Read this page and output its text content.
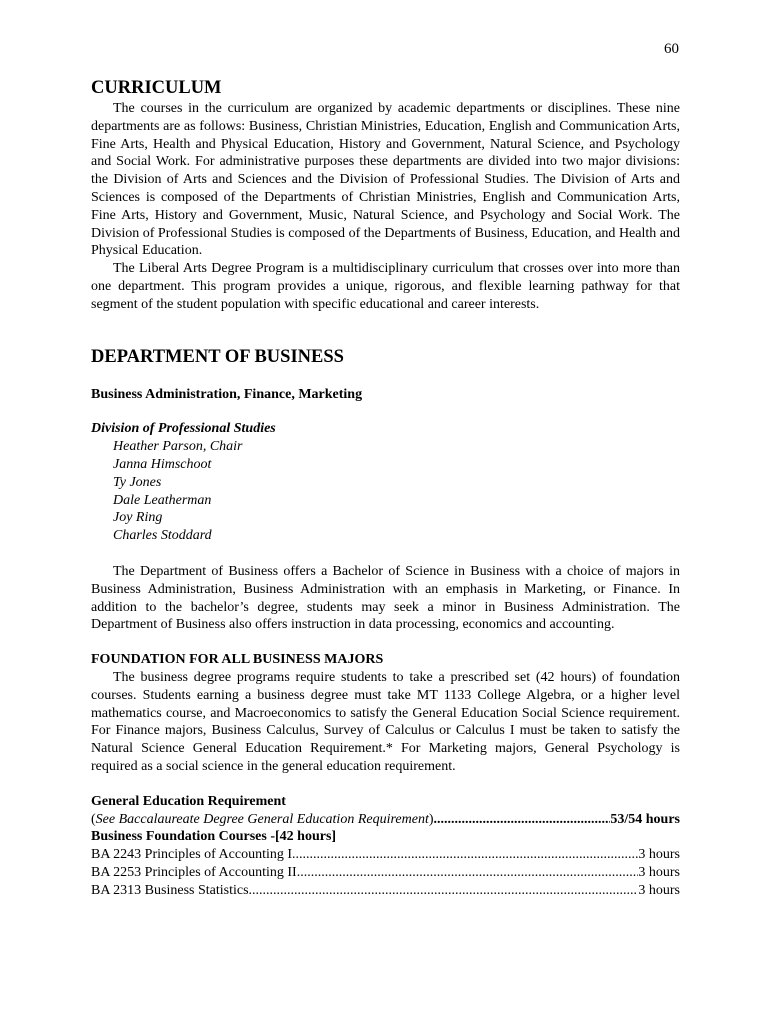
60
CURRICULUM

The courses in the curriculum are organized by academic departments or disciplines. These nine departments are as follows: Business, Christian Ministries, Education, English and Communication Arts, Fine Arts, Health and Physical Education, History and Government, Natural Science, and Psychology and Social Work. For administrative purposes these departments are divided into two major divisions: the Division of Arts and Sciences and the Division of Professional Studies. The Division of Arts and Sciences is composed of the Departments of Christian Ministries, English and Communication Arts, Fine Arts, History and Government, Music, Natural Science, and Psychology and Social Work. The Division of Professional Studies is composed of the Departments of Business, Education, and Health and Physical Education.

The Liberal Arts Degree Program is a multidisciplinary curriculum that crosses over into more than one department. This program provides a unique, rigorous, and flexible learning pathway for that segment of the student population with specific educational and career interests.

DEPARTMENT OF BUSINESS
Business Administration, Finance, Marketing
Division of Professional Studies
Heather Parson, Chair
Janna Himschoot
Ty Jones
Dale Leatherman
Joy Ring
Charles Stoddard

The Department of Business offers a Bachelor of Science in Business with a choice of majors in Business Administration, Business Administration with an emphasis in Marketing, or Finance. In addition to the bachelor’s degree, students may seek a minor in Business Administration. The Department of Business also offers instruction in data processing, economics and accounting.

FOUNDATION FOR ALL BUSINESS MAJORS

The business degree programs require students to take a prescribed set (42 hours) of foundation courses. Students earning a business degree must take MT 1133 College Algebra, or a higher level mathematics course, and Macroeconomics to satisfy the General Education Social Science requirement. For Finance majors, Business Calculus, Survey of Calculus or Calculus I must be taken to satisfy the Natural Science General Education Requirement.* For Marketing majors, General Psychology is required as a social science in the general education requirement.

General Education Requirement
( See Baccalaureate Degree General Education Requirement ) .....	53/54 hours
Business Foundation Courses -[42 hours]
BA 2243 Principles of Accounting I .....	3 hours
BA 2253 Principles of Accounting II .....	3 hours
BA 2313 Business Statistics .....	3 hours
